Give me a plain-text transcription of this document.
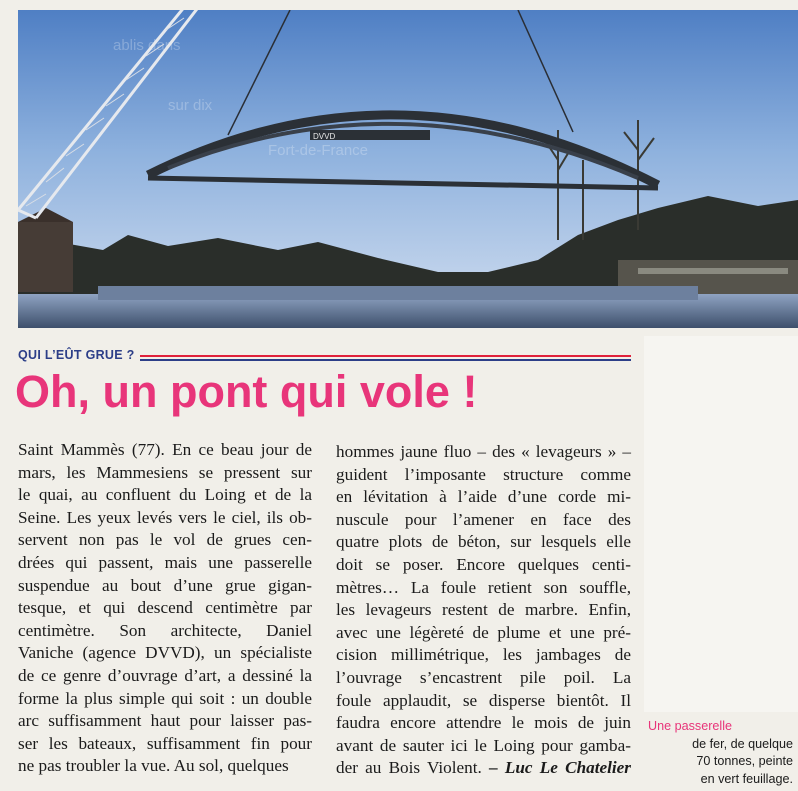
ablis dans
sur dix
Fort-de-France
DVVD
QUI L’EÛT GRUE ?
Oh, un pont qui vole !
Saint Mammès (77). En ce beau jour de
mars, les Mammesiens se pressent sur
le quai, au confluent du Loing et de la
Seine. Les yeux levés vers le ciel, ils ob-
servent non pas le vol de grues cen-
drées qui passent, mais une passerelle
suspendue au bout d’une grue gigan-
tesque, et qui descend centimètre par
centimètre. Son architecte, Daniel
Vaniche (agence DVVD), un spécialiste
de ce genre d’ouvrage d’art, a dessiné la
forme la plus simple qui soit : un double
arc suffisamment haut pour laisser pas-
ser les bateaux, suffisamment fin pour
ne pas troubler la vue. Au sol, quelques
hommes jaune fluo – des « levageurs » –
guident l’imposante structure comme
en lévitation à l’aide d’une corde mi-
nuscule pour l’amener en face des
quatre plots de béton, sur lesquels elle
doit se poser. Encore quelques centi-
mètres… La foule retient son souffle,
les levageurs restent de marbre. Enfin,
avec une légèreté de plume et une pré-
cision millimétrique, les jambages de
l’ouvrage s’encastrent pile poil. La
foule applaudit, se disperse bientôt. Il
faudra encore attendre le mois de juin
avant de sauter ici le Loing pour gamba-
der au Bois Violent. – Luc Le Chatelier
Une passerelle
de fer, de quelque
70 tonnes, peinte
en vert feuillage.
